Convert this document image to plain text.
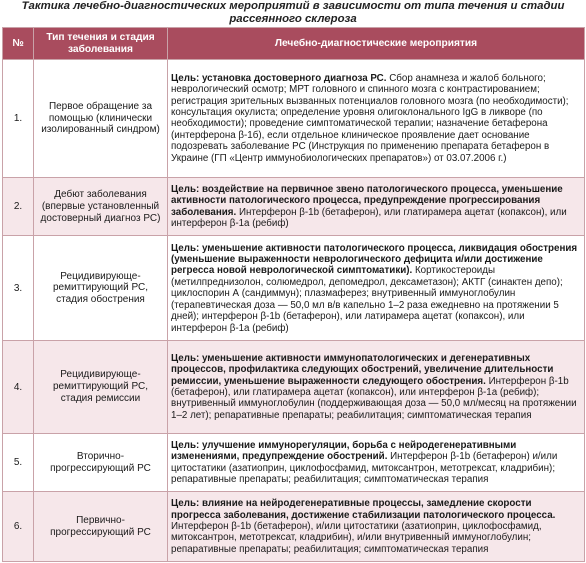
Тактика лечебно-диагностических мероприятий в зависимости от типа течения и стадии рассеянного склероза
№	Тип течения и стадия заболевания	Лечебно-диагностические мероприятия
1.	Первое обращение за помощью (клинически изолированный синдром)	Цель: установка достоверного диагноза РС. Сбор анамнеза и жалоб больного; неврологический осмотр; МРТ головного и спинного мозга с контрастированием; регистрация зрительных вызванных потенциалов головного мозга (по необходимости); консультация окулиста; определение уровня олигоклонального IgG в ликворе (по необходимости); проведение симптоматической терапии; назначение бетаферона (интерферона β-1б), если отдельное клиническое проявление дает основание подозревать заболевание РС (Инструкция по применению препарата бетаферон в Украине (ГП «Центр иммунобиологических препаратов») от 03.07.2006 г.)
2.	Дебют заболевания (впервые установленный достоверный диагноз РС)	Цель: воздействие на первичное звено патологического процесса, уменьшение активности патологического процесса, предупреждение прогрессирования заболевания. Интерферон β-1b (бетаферон), или глатирамера ацетат (копаксон), или интерферон β-1а (ребиф)
3.	Рецидивирующе-ремиттирующий РС, стадия обострения	Цель: уменьшение активности патологического процесса, ликвидация обострения (уменьшение выраженности неврологического дефицита и/или достижение регресса новой неврологической симптоматики). Кортикостероиды (метилпреднизолон, солюмедрол, депомедрол, дексаметазон); АКТГ (синактен депо); циклоспорин А (сандиммун); плазмаферез; внутривенный иммуноглобулин (терапевтическая доза — 50,0 мл в/в капельно 1–2 раза ежедневно на протяжении 5 дней); интерферон β-1b (бетаферон), или латирамера ацетат (копаксон), или интерферон β-1а (ребиф)
4.	Рецидивирующе-ремиттирующий РС, стадия ремиссии	Цель: уменьшение активности иммунопатологических и дегенеративных процессов, профилактика следующих обострений, увеличение длительности ремиссии, уменьшение выраженности следующего обострения. Интерферон β-1b (бетаферон), или глатирамера ацетат (копаксон), или интерферон β-1а (ребиф); внутривенный иммуноглобулин (поддерживающая доза — 50,0 мл/месяц на протяжении 1–2 лет); репаративные препараты; реабилитация; симптоматическая терапия
5.	Вторично-прогрессирующий РС	Цель: улучшение иммунорегуляции, борьба с нейродегенеративными изменениями, предупреждение обострений. Интерферон β-1b (бетаферон) и/или цитостатики (азатиоприн, циклофосфамид, митоксантрон, метотрексат, кладрибин); репаративные препараты; реабилитация; симптоматическая терапия
6.	Первично-прогрессирующий РС	Цель: влияние на нейродегенеративные процессы, замедление скорости прогресса заболевания, достижение стабилизации патологического процесса. Интерферон β-1b (бетаферон), и/или цитостатики (азатиоприн, циклофосфамид, митоксантрон, метотрексат, кладрибин), и/или внутривенный иммуноглобулин; репаративные препараты; реабилитация; симптоматическая терапия
